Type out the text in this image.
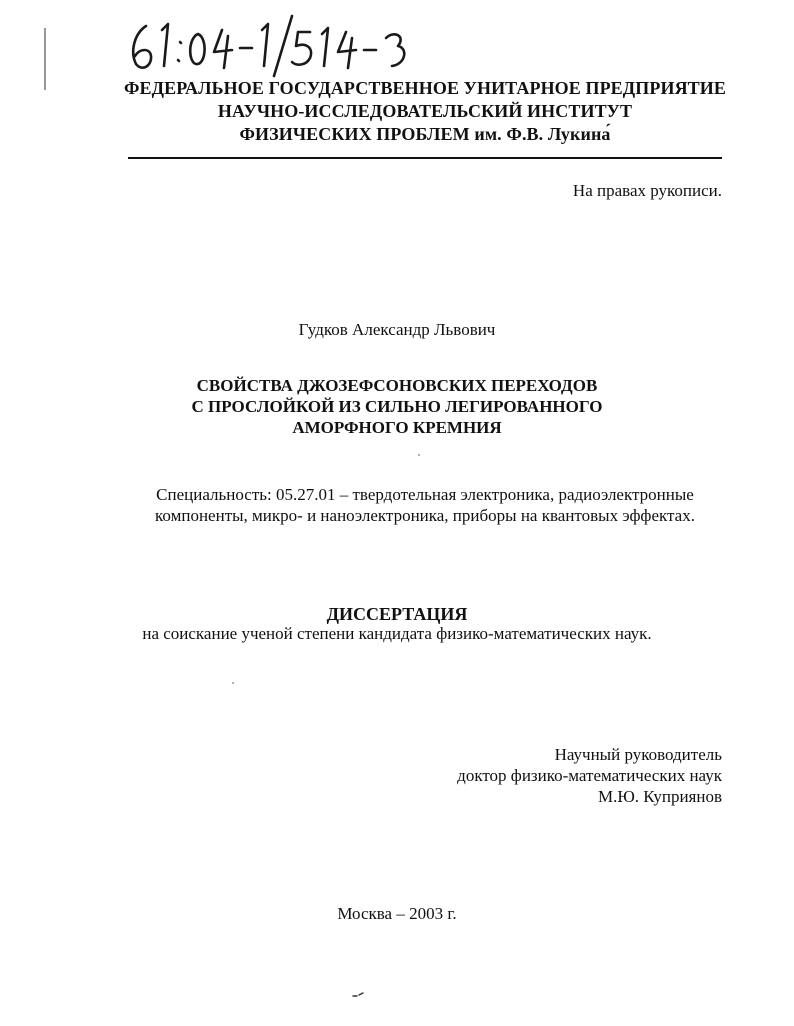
ФЕДЕРАЛЬНОЕ ГОСУДАРСТВЕННОЕ УНИТАРНОЕ ПРЕДПРИЯТИЕ
НАУЧНО-ИССЛЕДОВАТЕЛЬСКИЙ ИНСТИТУТ
ФИЗИЧЕСКИХ ПРОБЛЕМ им. Ф.В. Лукина́
На правах рукописи.
Гудков Александр Львович
СВОЙСТВА ДЖОЗЕФСОНОВСКИХ ПЕРЕХОДОВ
С ПРОСЛОЙКОЙ ИЗ СИЛЬНО ЛЕГИРОВАННОГО
АМОРФНОГО КРЕМНИЯ
Специальность: 05.27.01 – твердотельная электроника, радиоэлектронные
компоненты, микро- и наноэлектроника, приборы на квантовых эффектах.
ДИССЕРТАЦИЯ
на соискание ученой степени кандидата физико-математических наук.
Научный руководитель
доктор физико-математических наук
М.Ю. Куприянов
Москва – 2003 г.
